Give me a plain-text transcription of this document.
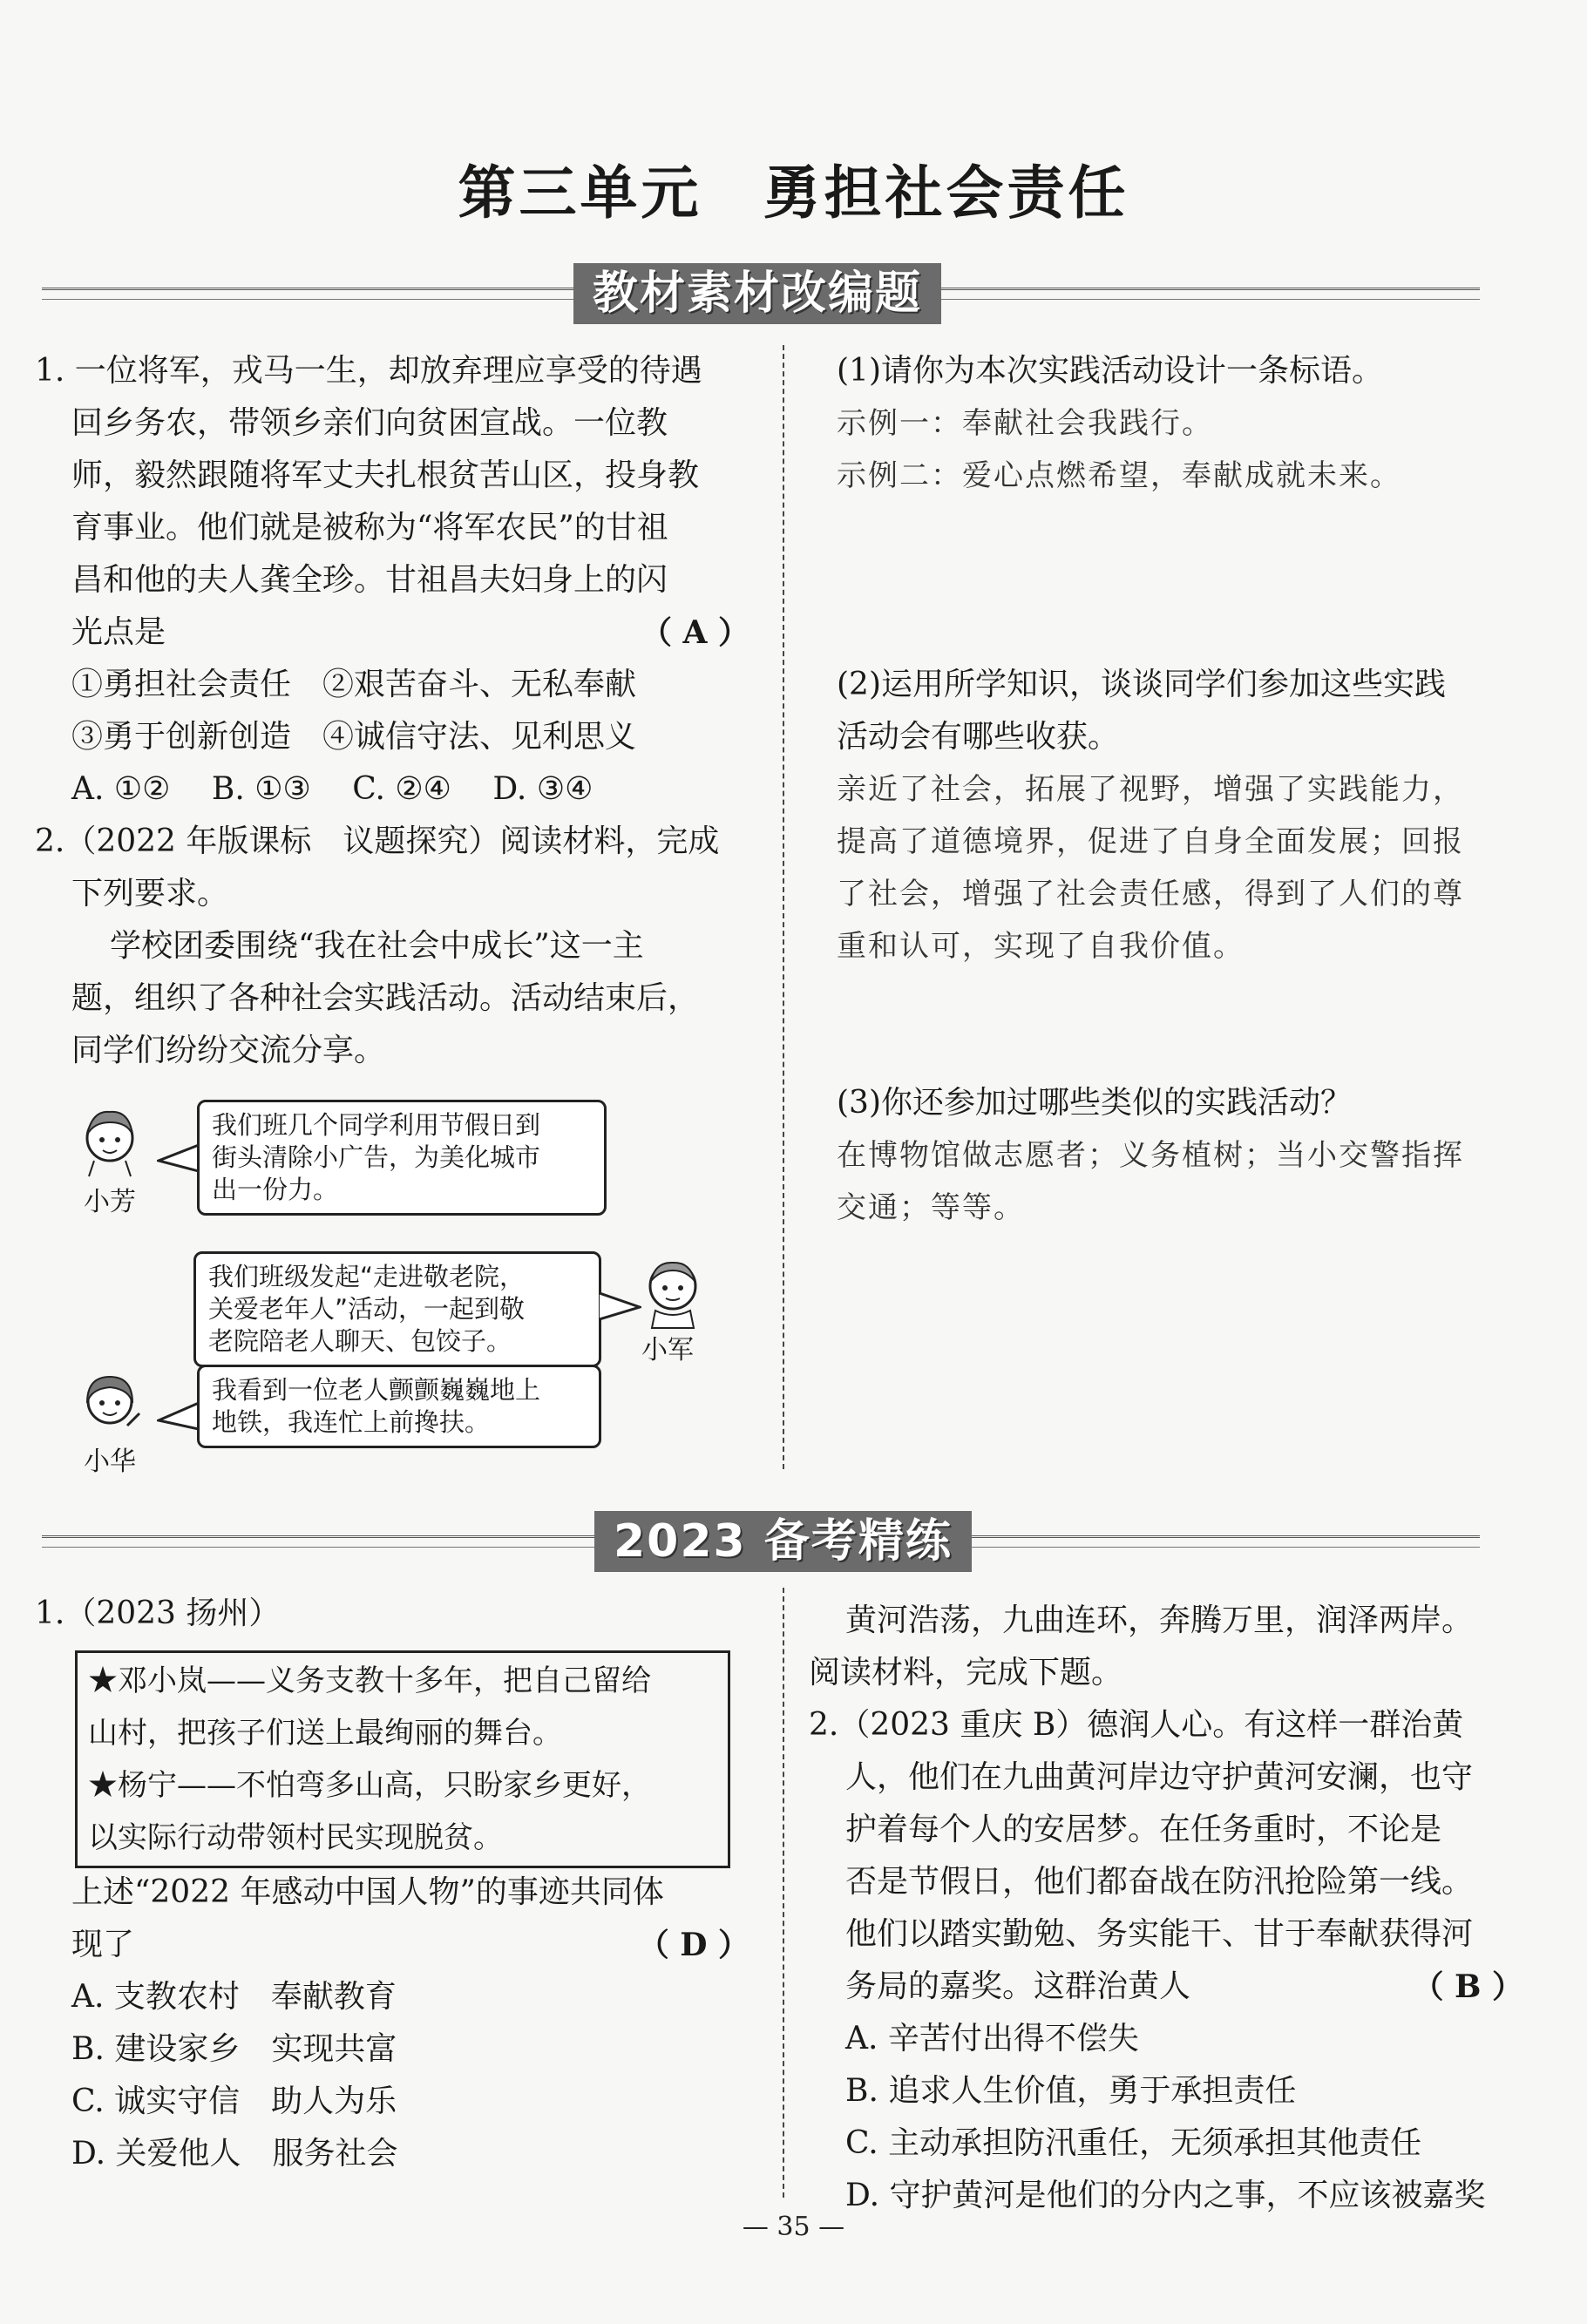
第三单元　勇担社会责任
教材素材改编题

1. 一位将军，戎马一生，却放弃理应享受的待遇

回乡务农，带领乡亲们向贫困宣战。一位教

师，毅然跟随将军丈夫扎根贫苦山区，投身教

育事业。他们就是被称为“将军农民”的甘祖

昌和他的夫人龚全珍。甘祖昌夫妇身上的闪

光点是	（ A ）

①勇担社会责任　②艰苦奋斗、无私奉献

③勇于创新创造　④诚信守法、见利思义

A. ①②　 B. ①③　 C. ②④　 D. ③④

2.（2022 年版课标　议题探究）阅读材料，完成

下列要求。

学校团委围绕“我在社会中成长”这一主

题，组织了各种社会实践活动。活动结束后，

同学们纷纷交流分享。

小芳

我们班几个同学利用节假日到

街头清除小广告，为美化城市

出一份力。

我们班级发起“走进敬老院，

关爱老年人”活动，一起到敬

老院陪老人聊天、包饺子。	小军
小华

我看到一位老人颤颤巍巍地上

地铁，我连忙上前搀扶。

(1)请你为本次实践活动设计一条标语。

示例一：奉献社会我践行。

示例二：爱心点燃希望，奉献成就未来。

(2)运用所学知识，谈谈同学们参加这些实践

活动会有哪些收获。

亲近了社会，拓展了视野，增强了实践能力，

提高了道德境界，促进了自身全面发展；回报

了社会，增强了社会责任感，得到了人们的尊

重和认可，实现了自我价值。

(3)你还参加过哪些类似的实践活动？

在博物馆做志愿者；义务植树；当小交警指挥

交通；等等。

2023 备考精练

1.（2023 扬州）

★邓小岚——义务支教十多年，把自己留给

山村，把孩子们送上最绚丽的舞台。

★杨宁——不怕弯多山高，只盼家乡更好，

以实际行动带领村民实现脱贫。

上述“2022 年感动中国人物”的事迹共同体

现了	（ D ）

A. 支教农村　奉献教育

B. 建设家乡　实现共富

C. 诚实守信　助人为乐

D. 关爱他人　服务社会

黄河浩荡，九曲连环，奔腾万里，润泽两岸。

阅读材料，完成下题。

2.（2023 重庆 B）德润人心。有这样一群治黄

人，他们在九曲黄河岸边守护黄河安澜，也守

护着每个人的安居梦。在任务重时，不论是

否是节假日，他们都奋战在防汛抢险第一线。

他们以踏实勤勉、务实能干、甘于奉献获得河

务局的嘉奖。这群治黄人	（ B ）

A. 辛苦付出得不偿失

B. 追求人生价值，勇于承担责任

C. 主动承担防汛重任，无须承担其他责任

D. 守护黄河是他们的分内之事，不应该被嘉奖

— 35 —
